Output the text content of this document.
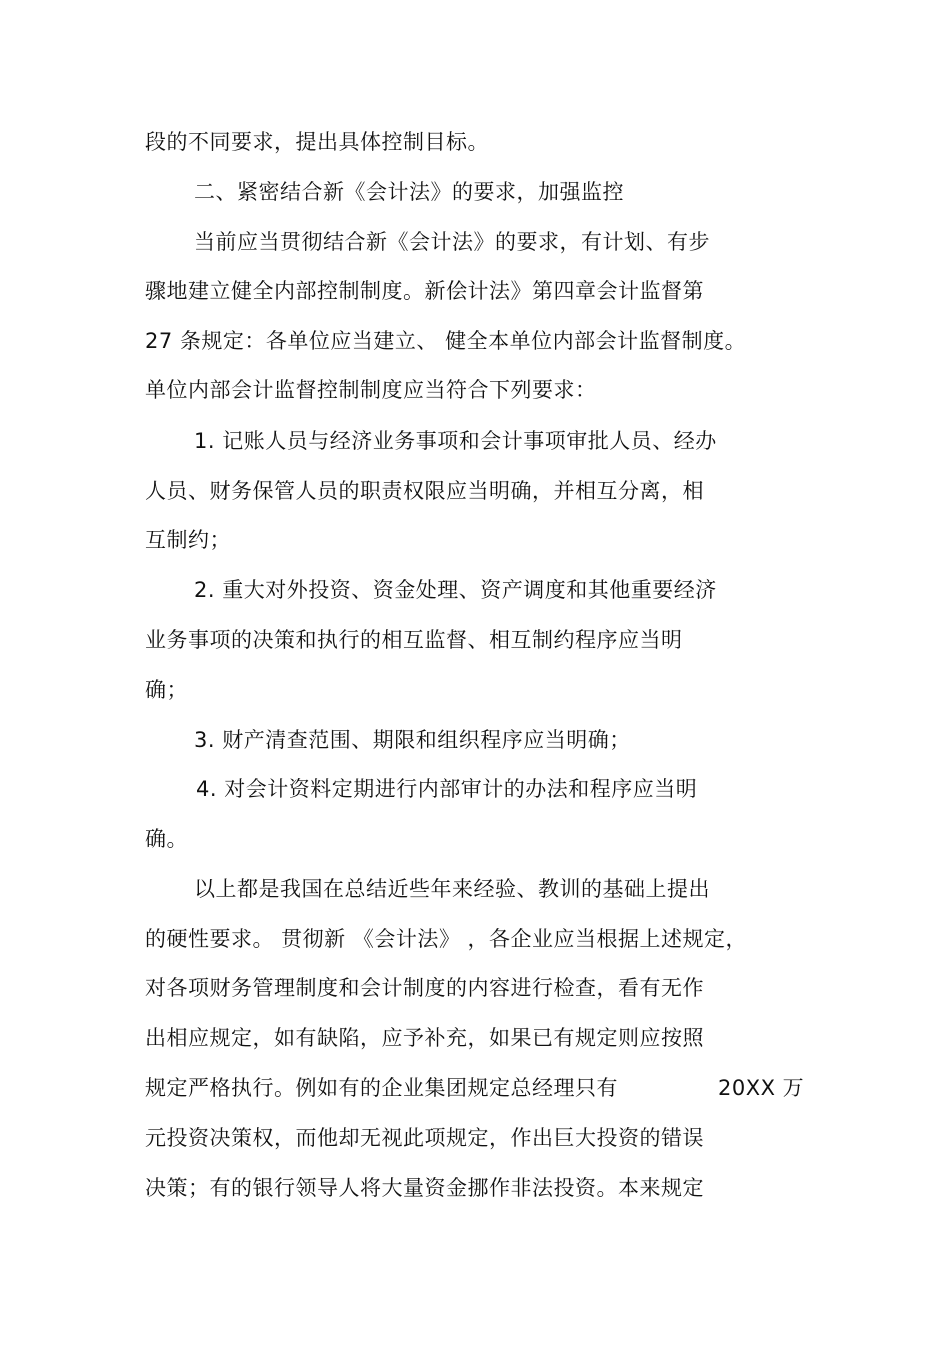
段的不同要求，提出具体控制目标。
二、紧密结合新《会计法》的要求，加强监控
当前应当贯彻结合新《会计法》的要求，有计划、有步
骤地建立健全内部控制制度。新侩计法》第四章会计监督第
27 条规定：各单位应当建立、 健全本单位内部会计监督制度。
单位内部会计监督控制制度应当符合下列要求：
1. 记账人员与经济业务事项和会计事项审批人员、经办
人员、财务保管人员的职责权限应当明确，并相互分离，相
互制约；
2. 重大对外投资、资金处理、资产调度和其他重要经济
业务事项的决策和执行的相互监督、相互制约程序应当明
确；
3. 财产清查范围、期限和组织程序应当明确；
4. 对会计资料定期进行内部审计的办法和程序应当明
确。
以上都是我国在总结近些年来经验、教训的基础上提出
的硬性要求。 贯彻新 《会计法》 ，各企业应当根据上述规定，
对各项财务管理制度和会计制度的内容进行检查，看有无作
出相应规定，如有缺陷，应予补充，如果已有规定则应按照
规定严格执行。例如有的企业集团规定总经理只有	20XX 万
元投资决策权，而他却无视此项规定，作出巨大投资的错误
决策；有的银行领导人将大量资金挪作非法投资。本来规定
